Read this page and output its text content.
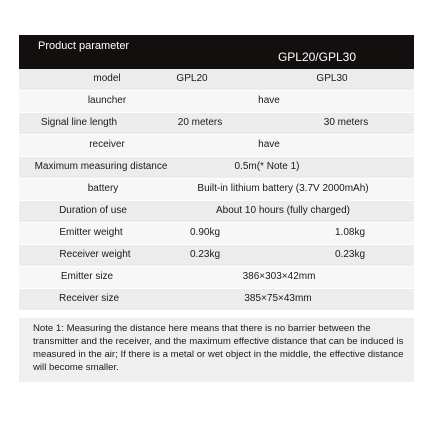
Product parameter
GPL20/GPL30
model	GPL20	GPL30
launcher	have
Signal line length	20 meters	30 meters
receiver	have
Maximum measuring distance	0.5m(* Note 1)
battery	Built-in lithium battery (3.7V 2000mAh)
Duration of use	About 10 hours (fully charged)
Emitter weight	0.90kg	1.08kg
Receiver weight	0.23kg	0.23kg
Emitter size	386×303×42mm
Receiver size	385×75×43mm
Note 1: Measuring the distance here means that there is no barrier between the transmitter and the receiver, and the maximum effective distance that can be induced is measured in the air; If there is a metal or wet object in the middle, the effective distance will become smaller.
